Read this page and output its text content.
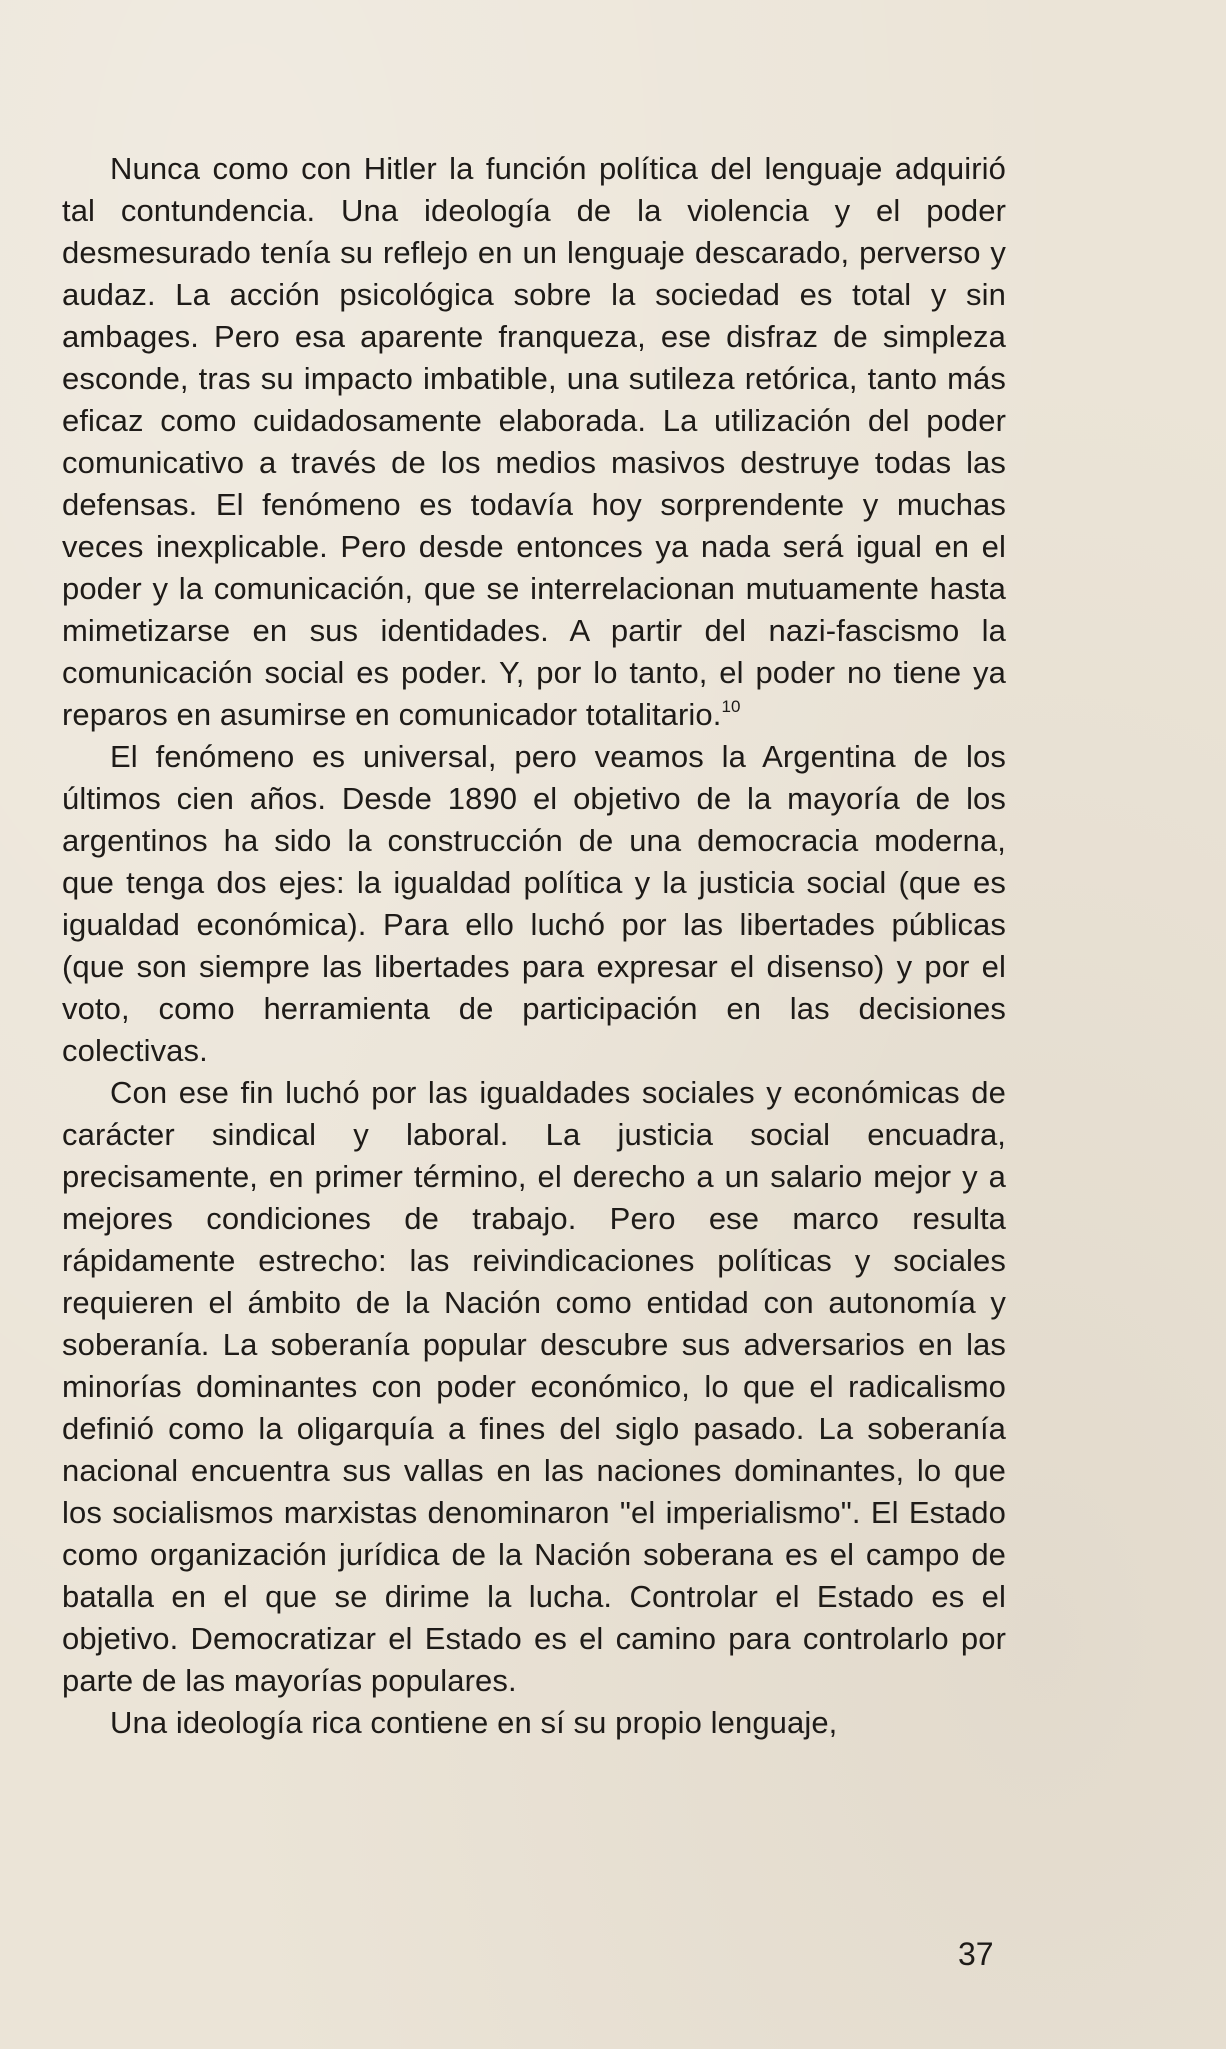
Nunca como con Hitler la función política del lenguaje adquirió tal contundencia. Una ideología de la violencia y el poder desmesurado tenía su reflejo en un lenguaje descarado, perverso y audaz. La acción psicológica sobre la sociedad es total y sin ambages. Pero esa aparente franqueza, ese disfraz de simpleza esconde, tras su impacto imbatible, una sutileza retórica, tanto más eficaz como cuidadosamente elaborada. La utilización del poder comunicativo a través de los medios masivos destruye todas las defensas. El fenómeno es todavía hoy sorprendente y muchas veces inexplicable. Pero desde entonces ya nada será igual en el poder y la comunicación, que se interrelacionan mutuamente hasta mimetizarse en sus identidades. A partir del nazi-fascismo la comunicación social es poder. Y, por lo tanto, el poder no tiene ya reparos en asumirse en comunicador totalitario.$^{10}$

El fenómeno es universal, pero veamos la Argentina de los últimos cien años. Desde 1890 el objetivo de la mayoría de los argentinos ha sido la construcción de una democracia moderna, que tenga dos ejes: la igualdad política y la justicia social (que es igualdad económica). Para ello luchó por las libertades públicas (que son siempre las libertades para expresar el disenso) y por el voto, como herramienta de participación en las decisiones colectivas.

Con ese fin luchó por las igualdades sociales y económicas de carácter sindical y laboral. La justicia social encuadra, precisamente, en primer término, el derecho a un salario mejor y a mejores condiciones de trabajo. Pero ese marco resulta rápidamente estrecho: las reivindicaciones políticas y sociales requieren el ámbito de la Nación como entidad con autonomía y soberanía. La soberanía popular descubre sus adversarios en las minorías dominantes con poder económico, lo que el radicalismo definió como la oligarquía a fines del siglo pasado. La soberanía nacional encuentra sus vallas en las naciones dominantes, lo que los socialismos marxistas denominaron "el imperialismo". El Estado como organización jurídica de la Nación soberana es el campo de batalla en el que se dirime la lucha. Controlar el Estado es el objetivo. Democratizar el Estado es el camino para controlarlo por parte de las mayorías populares.

Una ideología rica contiene en sí su propio lenguaje,

37
